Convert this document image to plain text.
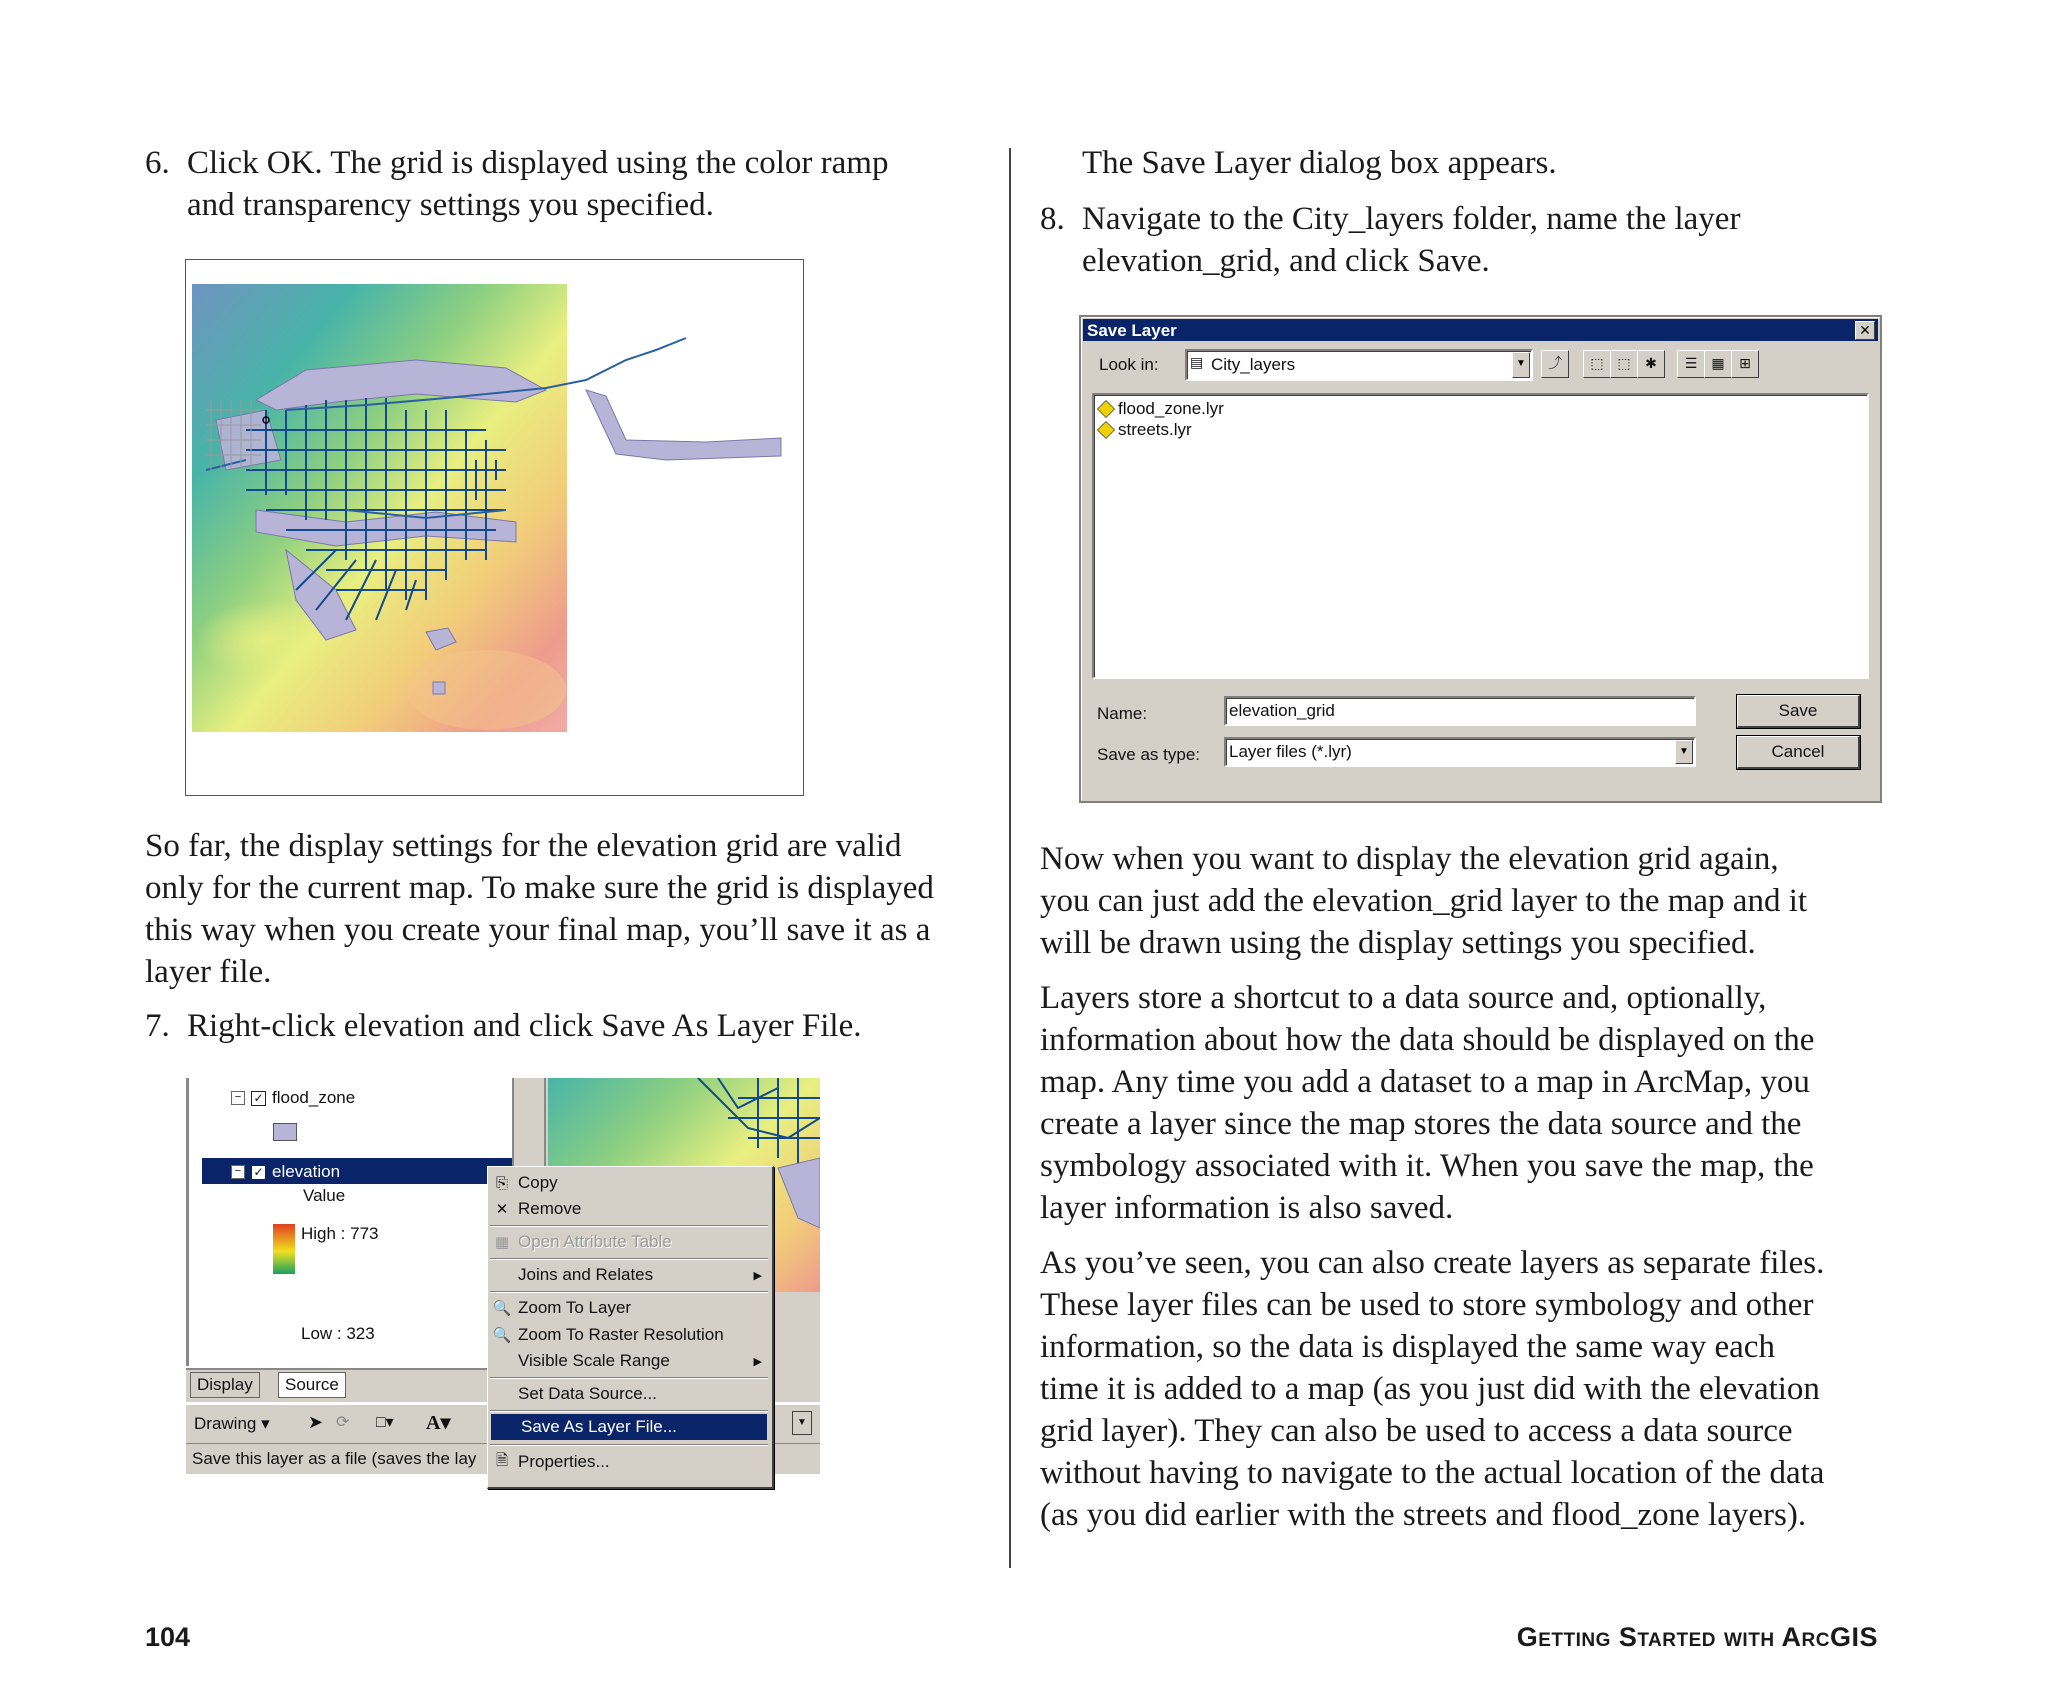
6. Click OK. The grid is displayed using the color ramp

and transparency settings you specified.

So far, the display settings for the elevation grid are valid

only for the current map. To make sure the grid is displayed

this way when you create your final map, you’ll save it as a

layer file.

7. Right-click elevation and click Save As Layer File.

−	✓ flood_zone
−	✓ elevation
Value
High : 773
Low : 323
Display	Source
Drawing ▾ ➤ ⟳ □▾ A▾	▼
Save this layer as a file (saves the lay
⎘ Copy
✕ Remove
▦ Open Attribute Table
Joins and Relates	▶
🔍 Zoom To Layer
🔍 Zoom To Raster Resolution
Visible Scale Range	▶
Set Data Source...
Save As Layer File...
🗎 Properties...

The Save Layer dialog box appears.

8. Navigate to the City_layers folder, name the layer

elevation_grid, and click Save.

Save Layer	✕
Look in: ▤ City_layers	▼	⤴	⬚ ⬚	✱	☰	▦	⊞
flood_zone.lyr
streets.lyr
Name:	elevation_grid
Save as type: Layer files (*.lyr)	▼
Save
Cancel

Now when you want to display the elevation grid again,

you can just add the elevation_grid layer to the map and it

will be drawn using the display settings you specified.

Layers store a shortcut to a data source and, optionally,

information about how the data should be displayed on the

map. Any time you add a dataset to a map in ArcMap, you

create a layer since the map stores the data source and the

symbology associated with it. When you save the map, the

layer information is also saved.

As you’ve seen, you can also create layers as separate files.

These layer files can be used to store symbology and other

information, so the data is displayed the same way each

time it is added to a map (as you just did with the elevation

grid layer). They can also be used to access a data source

without having to navigate to the actual location of the data

(as you did earlier with the streets and flood_zone layers).

104	Getting Started with ArcGIS
